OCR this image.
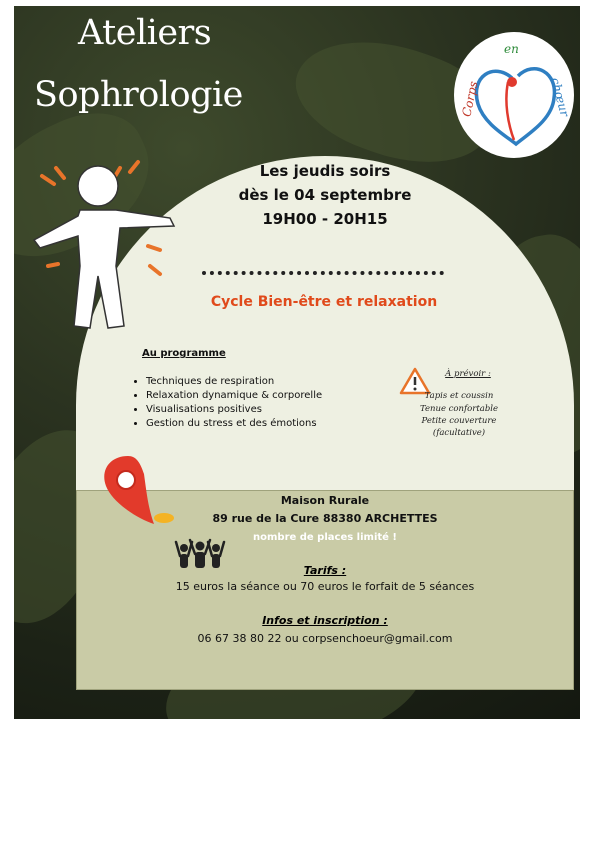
Ateliers
Sophrologie	Corps
en
chœur
Les jeudis soirs
dès le 04 septembre
19H00 - 20H15
Cycle Bien-être et relaxation
Au programme
• Techniques de respiration
• Relaxation dynamique & corporelle
• Visualisations positives
• Gestion du stress et des émotions
À prévoir :
Tapis et coussin
Tenue confortable
Petite couverture
(facultative)
Maison Rurale
89 rue de la Cure 88380 ARCHETTES
nombre de places limité !
Tarifs :
15 euros la séance ou 70 euros le forfait de 5 séances
Infos et inscription :
06 67 38 80 22 ou corpsenchoeur@gmail.com
